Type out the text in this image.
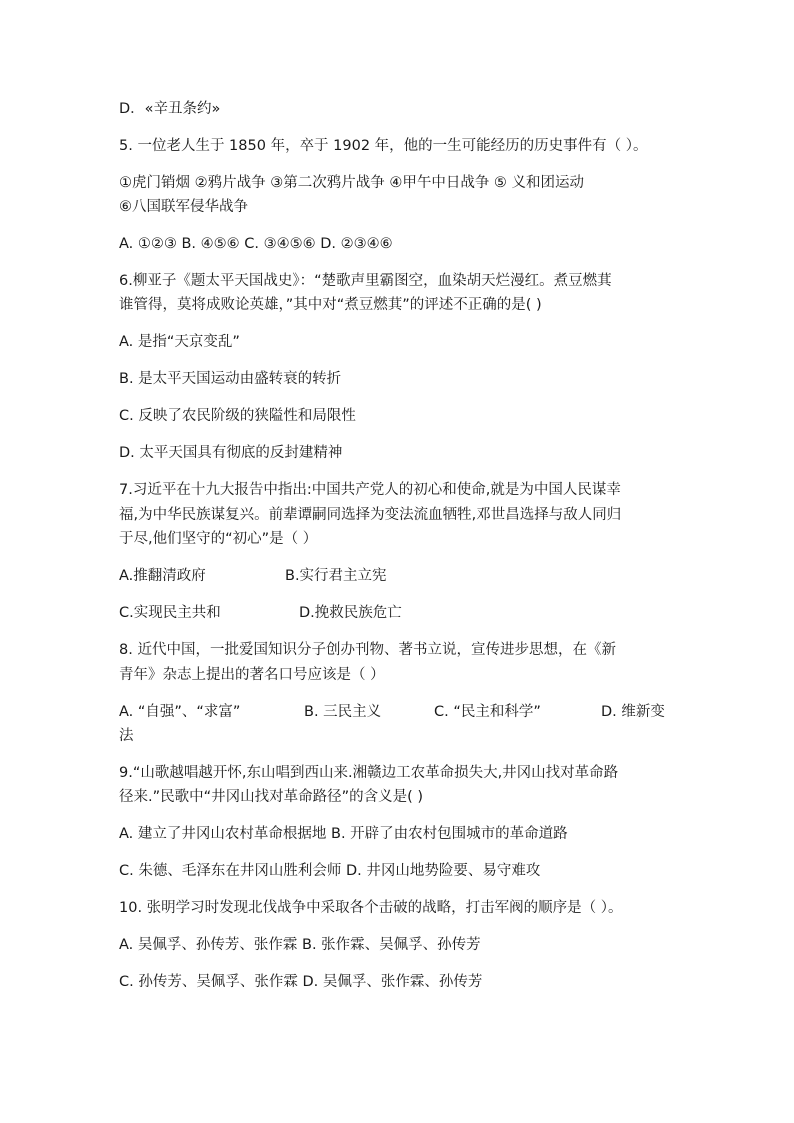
D．«辛丑条约»
5. 一位老人生于 1850 年，卒于 1902 年，他的一生可能经历的历史事件有（ ）。
①虎门销烟 ②鸦片战争 ③第二次鸦片战争 ④甲午中日战争 ⑤ 义和团运动
⑥八国联军侵华战争
A. ①②③ B. ④⑤⑥ C. ③④⑤⑥ D. ②③④⑥
6.柳亚子《题太平天国战史》：“楚歌声里霸图空，血染胡天烂漫红。煮豆燃萁
谁管得，莫将成败论英雄，”其中对“煮豆燃萁”的评述不正确的是( )
A. 是指“天京变乱”
B. 是太平天国运动由盛转衰的转折
C. 反映了农民阶级的狭隘性和局限性
D. 太平天国具有彻底的反封建精神
7.习近平在十九大报告中指出:中国共产党人的初心和使命,就是为中国人民谋幸
福,为中华民族谋复兴。前辈谭嗣同选择为变法流血牺牲,邓世昌选择与敌人同归
于尽,他们坚守的“初心”是（ ）
A.推翻清政府	B.实行君主立宪
C.实现民主共和	D.挽救民族危亡
8. 近代中国，一批爱国知识分子创办刊物、著书立说，宣传进步思想，在《新
青年》杂志上提出的著名口号应该是（ ）
A. “自强”、“求富”	B. 三民主义	C. “民主和科学”	D. 维新变
法
9.“山歌越唱越开怀,东山唱到西山来.湘赣边工农革命损失大,井冈山找对革命路
径来.”民歌中“井冈山找对革命路径”的含义是( )
A. 建立了井冈山农村革命根据地 B. 开辟了由农村包围城市的革命道路
C. 朱德、毛泽东在井冈山胜利会师 D. 井冈山地势险要、易守难攻
10. 张明学习时发现北伐战争中采取各个击破的战略，打击军阀的顺序是（ ）。
A. 吴佩孚、孙传芳、张作霖 B. 张作霖、吴佩孚、孙传芳
C. 孙传芳、吴佩孚、张作霖 D. 吴佩孚、张作霖、孙传芳
